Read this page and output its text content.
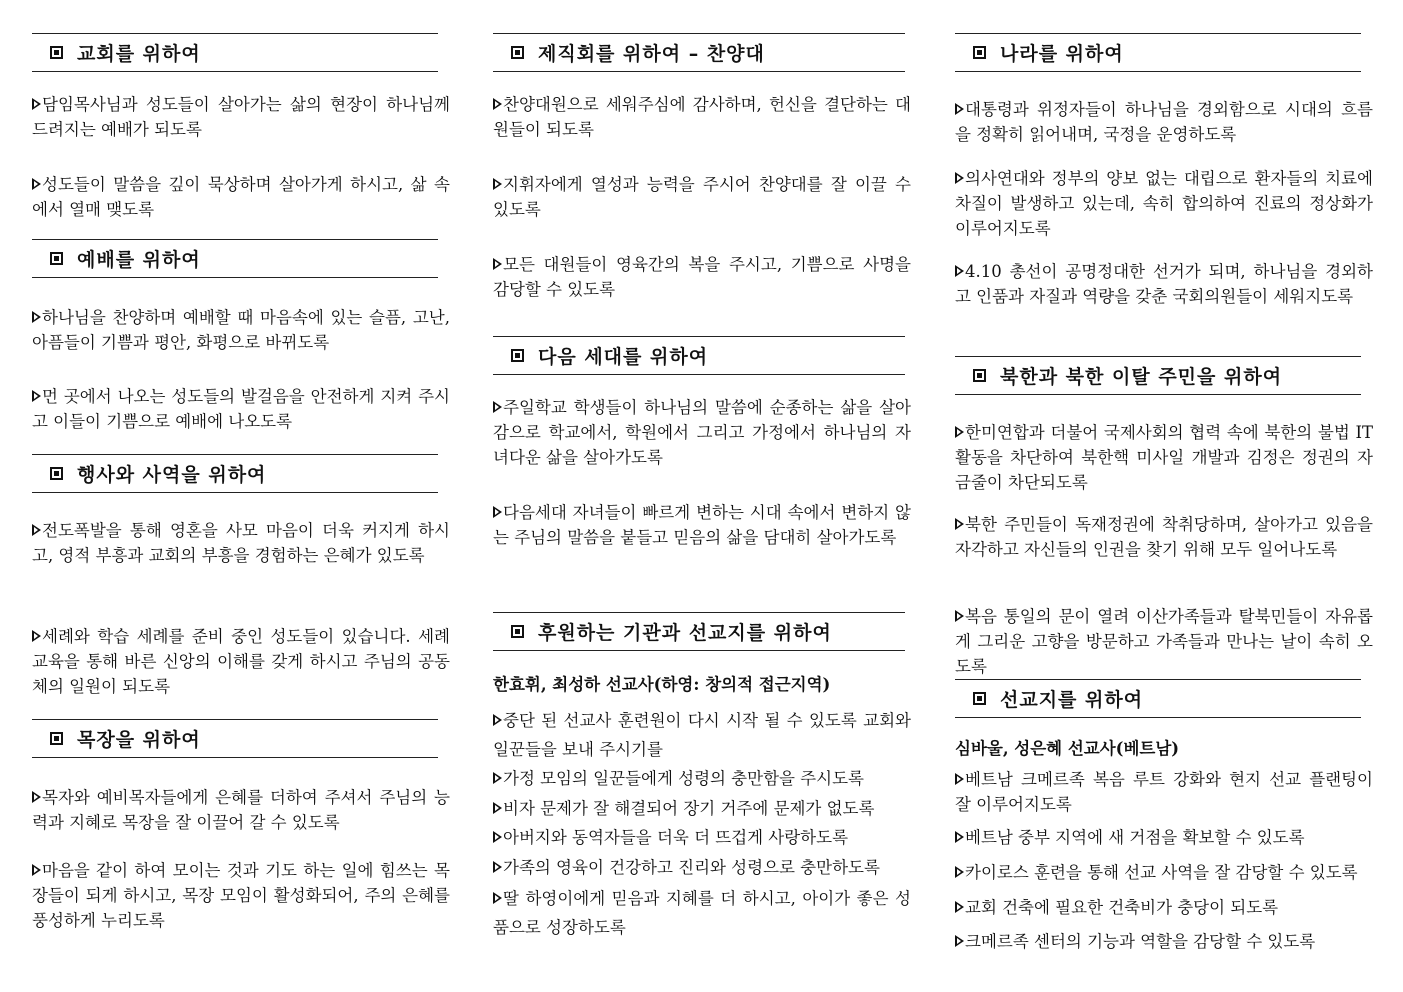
교회를 위하여
담임목사님과 성도들이 살아가는 삶의 현장이 하나님께 드려지는 예배가 되도록
성도들이 말씀을 깊이 묵상하며 살아가게 하시고, 삶 속에서 열매 맺도록
예배를 위하여
하나님을 찬양하며 예배할 때 마음속에 있는 슬픔, 고난, 아픔들이 기쁨과 평안, 화평으로 바뀌도록
먼 곳에서 나오는 성도들의 발걸음을 안전하게 지켜 주시고 이들이 기쁨으로 예배에 나오도록
행사와 사역을 위하여
전도폭발을 통해 영혼을 사모 마음이 더욱 커지게 하시고, 영적 부흥과 교회의 부흥을 경험하는 은혜가 있도록
세례와 학습 세례를 준비 중인 성도들이 있습니다. 세례 교육을 통해 바른 신앙의 이해를 갖게 하시고 주님의 공동체의 일원이 되도록
목장을 위하여
목자와 예비목자들에게 은혜를 더하여 주셔서 주님의 능력과 지혜로 목장을 잘 이끌어 갈 수 있도록
마음을 같이 하여 모이는 것과 기도 하는 일에 힘쓰는 목장들이 되게 하시고, 목장 모임이 활성화되어, 주의 은혜를 풍성하게 누리도록
제직회를 위하여 – 찬양대
찬양대원으로 세워주심에 감사하며, 헌신을 결단하는 대원들이 되도록
지휘자에게 열성과 능력을 주시어 찬양대를 잘 이끌 수 있도록
모든 대원들이 영육간의 복을 주시고, 기쁨으로 사명을 감당할 수 있도록
다음 세대를 위하여
주일학교 학생들이 하나님의 말씀에 순종하는 삶을 살아감으로 학교에서, 학원에서 그리고 가정에서 하나님의 자녀다운 삶을 살아가도록
다음세대 자녀들이 빠르게 변하는 시대 속에서 변하지 않는 주님의 말씀을 붙들고 믿음의 삶을 담대히 살아가도록
후원하는 기관과 선교지를 위하여
한효휘, 최성하 선교사(하영: 창의적 접근지역)
중단 된 선교사 훈련원이 다시 시작 될 수 있도록 교회와 일꾼들을 보내 주시기를
가정 모임의 일꾼들에게 성령의 충만함을 주시도록
비자 문제가 잘 해결되어 장기 거주에 문제가 없도록
아버지와 동역자들을 더욱 더 뜨겁게 사랑하도록
가족의 영육이 건강하고 진리와 성령으로 충만하도록
딸 하영이에게 믿음과 지혜를 더 하시고, 아이가 좋은 성품으로 성장하도록
나라를 위하여
대통령과 위정자들이 하나님을 경외함으로 시대의 흐름을 정확히 읽어내며, 국정을 운영하도록
의사연대와 정부의 양보 없는 대립으로 환자들의 치료에 차질이 발생하고 있는데, 속히 합의하여 진료의 정상화가 이루어지도록
4.10 총선이 공명정대한 선거가 되며, 하나님을 경외하고 인품과 자질과 역량을 갖춘 국회의원들이 세워지도록
북한과 북한 이탈 주민을 위하여
한미연합과 더불어 국제사회의 협력 속에 북한의 불법 IT활동을 차단하여 북한핵 미사일 개발과 김정은 정권의 자금줄이 차단되도록
북한 주민들이 독재정권에 착취당하며, 살아가고 있음을 자각하고 자신들의 인권을 찾기 위해 모두 일어나도록
복음 통일의 문이 열려 이산가족들과 탈북민들이 자유롭게 그리운 고향을 방문하고 가족들과 만나는 날이 속히 오도록
선교지를 위하여
심바울, 성은혜 선교사(베트남)
베트남 크메르족 복음 루트 강화와 현지 선교 플랜팅이 잘 이루어지도록
베트남 중부 지역에 새 거점을 확보할 수 있도록
카이로스 훈련을 통해 선교 사역을 잘 감당할 수 있도록
교회 건축에 필요한 건축비가 충당이 되도록
크메르족 센터의 기능과 역할을 감당할 수 있도록
